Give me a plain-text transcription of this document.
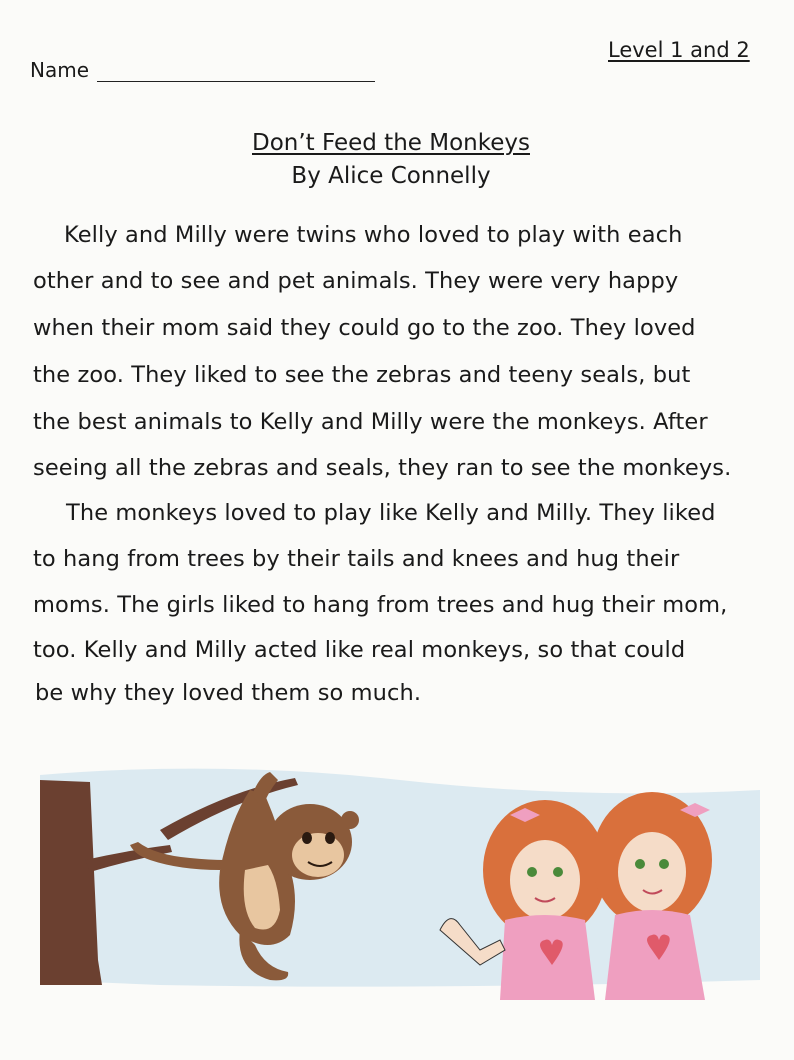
Name
Level 1 and 2
Don’t Feed the Monkeys
By Alice Connelly
Kelly and Milly were twins who loved to play with each
other and to see and pet animals. They were very happy
when their mom said they could go to the zoo. They loved
the zoo. They liked to see the zebras and teeny seals, but
the best animals to Kelly and Milly were the monkeys. After
seeing all the zebras and seals, they ran to see the monkeys.
The monkeys loved to play like Kelly and Milly. They liked
to hang from trees by their tails and knees and hug their
moms. The girls liked to hang from trees and hug their mom,
too. Kelly and Milly acted like real monkeys, so that could
be why they loved them so much.
